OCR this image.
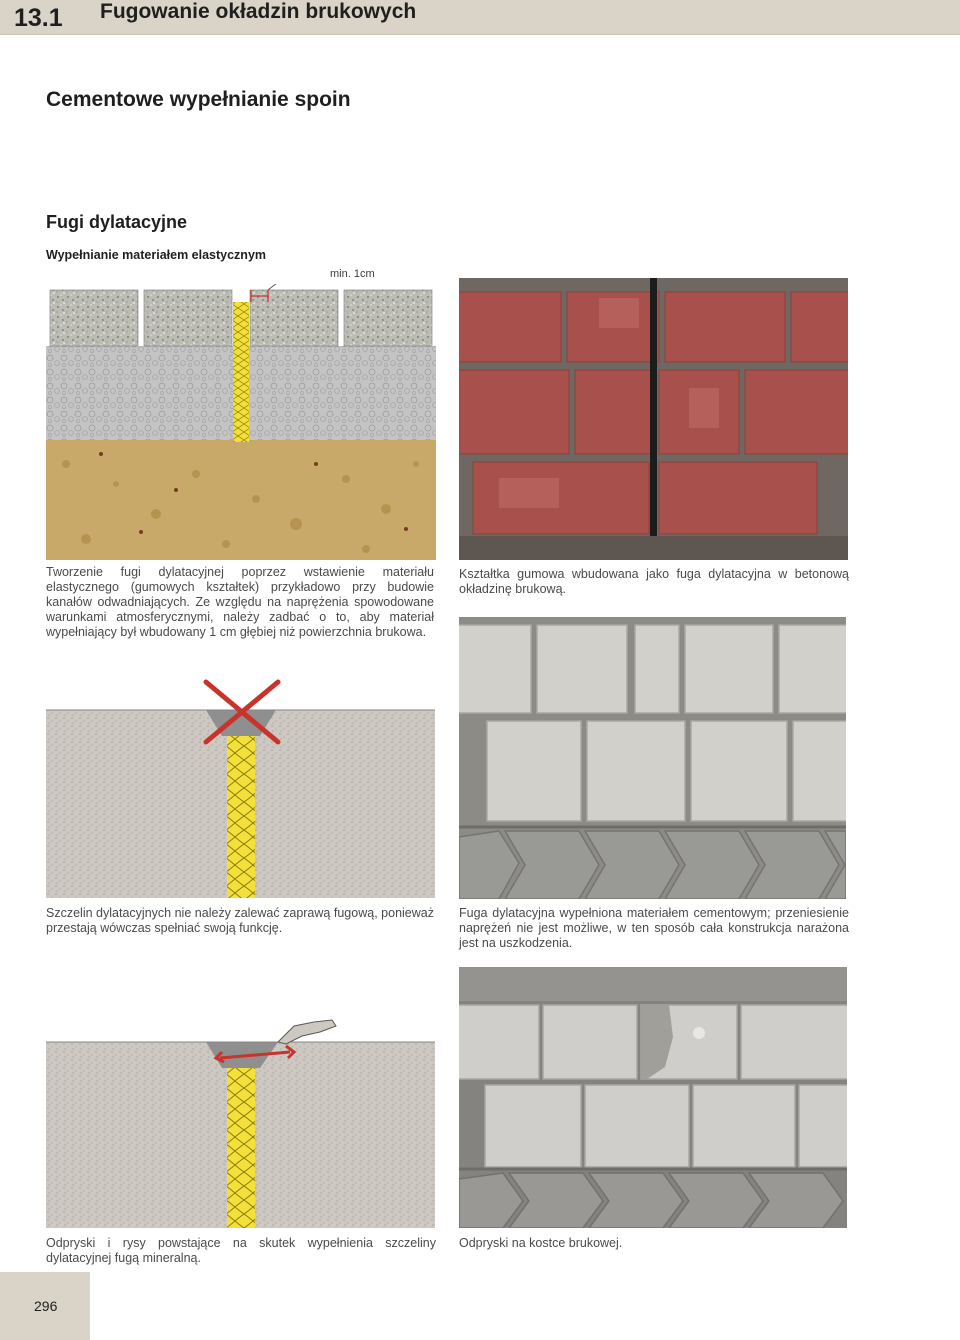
13.1 Fugowanie okładzin brukowych
Cementowe wypełnianie spoin
Fugi dylatacyjne
Wypełnianie materiałem elastycznym
min. 1cm
Tworzenie fugi dylatacyjnej poprzez wstawienie materiału elastycznego (gumowych kształtek) przykładowo przy budowie kanałów odwadniających. Ze względu na naprężenia spowodowane warunkami atmosferycznymi, należy zadbać o to, aby materiał wypełniający był wbudowany 1 cm głębiej niż powierzchnia brukowa.
Kształtka gumowa wbudowana jako fuga dylatacyjna w betonową okładzinę brukową.
Szczelin dylatacyjnych nie należy zalewać zaprawą fugową, ponieważ przestają wówczas spełniać swoją funkcję.
Fuga dylatacyjna wypełniona materiałem cementowym; przeniesienie naprężeń nie jest możliwe, w ten sposób cała konstrukcja narażona jest na uszkodzenia.
Odpryski i rysy powstające na skutek wypełnienia szczeliny dylatacyjnej fugą mineralną.
Odpryski na kostce brukowej.
296
